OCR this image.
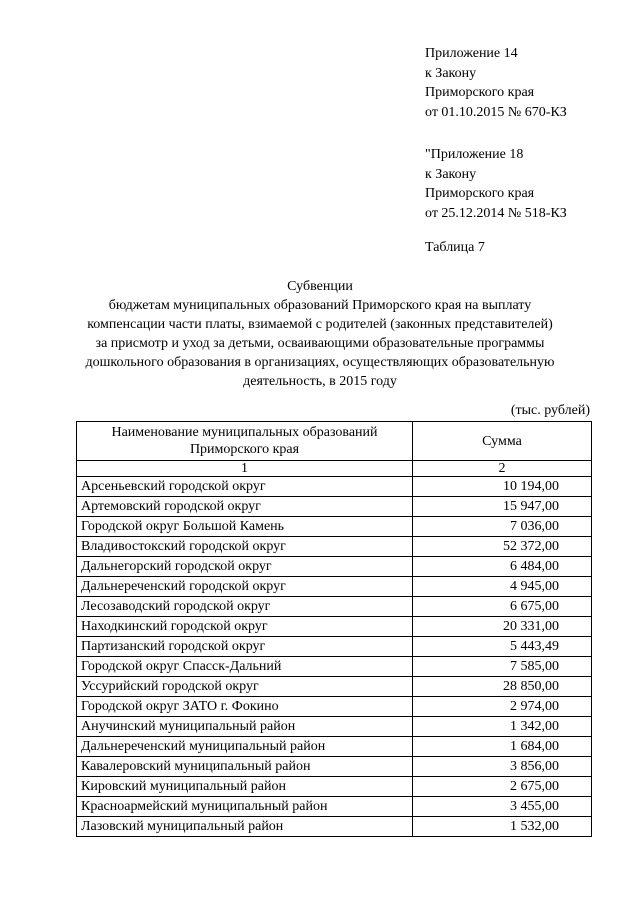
Приложение 14
к Закону
Приморского края
от 01.10.2015 № 670-КЗ
"Приложение 18
к Закону
Приморского края
от 25.12.2014 № 518-КЗ
Таблица 7
Субвенции
бюджетам муниципальных образований Приморского края на выплату
компенсации части платы, взимаемой с родителей (законных представителей)
за присмотр и уход за детьми, осваивающими образовательные программы
дошкольного образования в организациях, осуществляющих образовательную
деятельность, в 2015 году
(тыс. рублей)
Наименование муниципальных образований Приморского края	Сумма
1	2
Арсеньевский городской округ	10 194,00
Артемовский городской округ	15 947,00
Городской округ Большой Камень	7 036,00
Владивостокский городской округ	52 372,00
Дальнегорский городской округ	6 484,00
Дальнереченский городской округ	4 945,00
Лесозаводский городской округ	6 675,00
Находкинский городской округ	20 331,00
Партизанский городской округ	5 443,49
Городской округ Спасск-Дальний	7 585,00
Уссурийский городской округ	28 850,00
Городской округ ЗАТО г. Фокино	2 974,00
Анучинский муниципальный район	1 342,00
Дальнереченский муниципальный район	1 684,00
Кавалеровский муниципальный район	3 856,00
Кировский муниципальный район	2 675,00
Красноармейский муниципальный район	3 455,00
Лазовский муниципальный район	1 532,00
